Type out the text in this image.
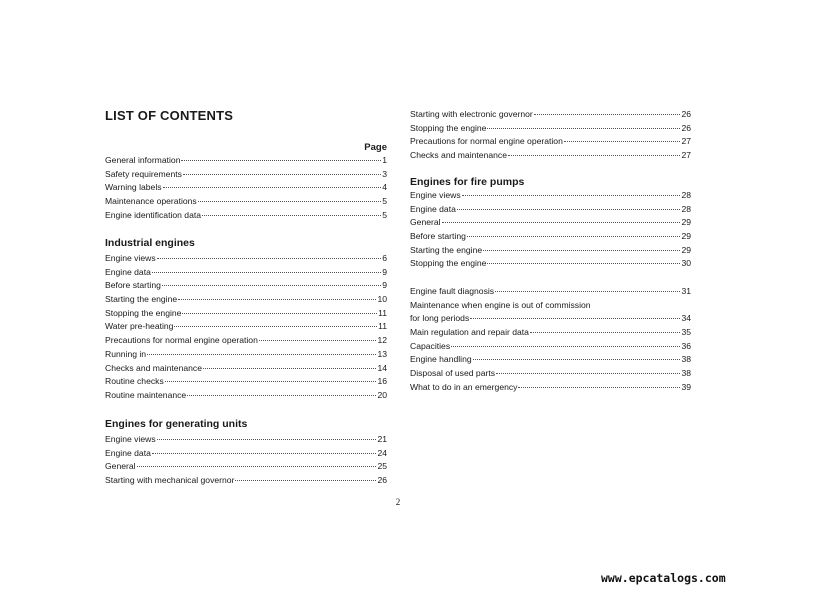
LIST OF CONTENTS
Page
General information	1
Safety requirements	3
Warning labels	4
Maintenance operations	5
Engine identification data	5
Industrial engines
Engine views	6
Engine data	9
Before starting	9
Starting the engine	10
Stopping the engine	11
Water pre-heating	11
Precautions for normal engine operation	12
Running in	13
Checks and maintenance	14
Routine checks	16
Routine maintenance	20
Engines for generating units
Engine views	21
Engine data	24
General	25
Starting with mechanical governor	26
Starting with electronic governor	26
Stopping the engine	26
Precautions for normal engine operation	27
Checks and maintenance	27
Engines for fire pumps
Engine views	28
Engine data	28
General	29
Before starting	29
Starting the engine	29
Stopping the engine	30
Engine fault diagnosis	31
Maintenance when engine is out of commission
for long periods	34
Main regulation and repair data	35
Capacities	36
Engine handling	38
Disposal of used parts	38
What to do in an emergency	39
2
www.epcatalogs.com
